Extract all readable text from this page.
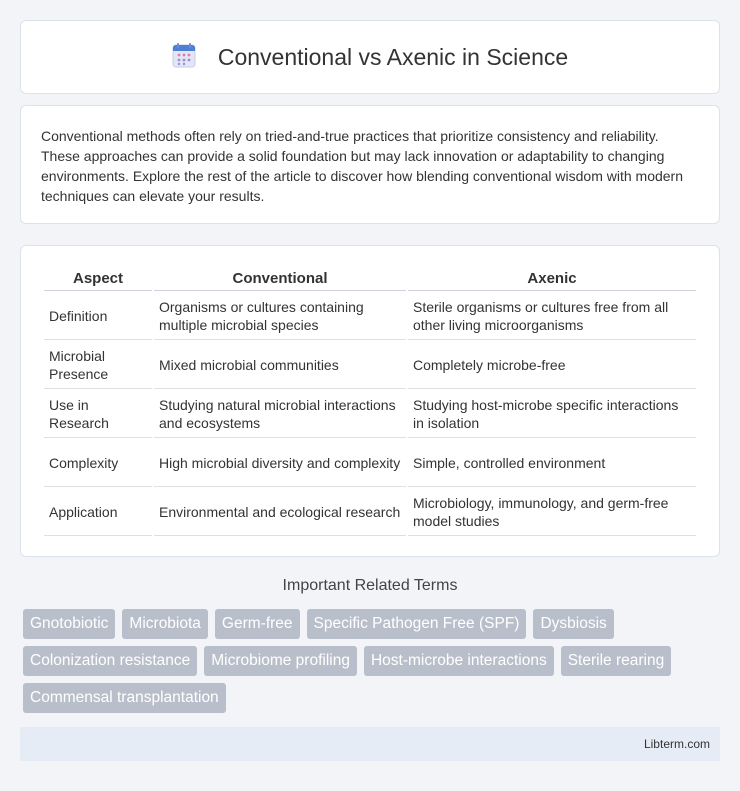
Conventional vs Axenic in Science

Conventional methods often rely on tried-and-true practices that prioritize consistency and reliability. These approaches can provide a solid foundation but may lack innovation or adaptability to changing environments. Explore the rest of the article to discover how blending conventional wisdom with modern techniques can elevate your results.

Aspect	Conventional	Axenic
Definition	Organisms or cultures containing multiple microbial species	Sterile organisms or cultures free from all other living microorganisms
Microbial Presence	Mixed microbial communities	Completely microbe-free
Use in Research	Studying natural microbial interactions and ecosystems	Studying host-microbe specific interactions in isolation
Complexity	High microbial diversity and complexity	Simple, controlled environment
Application	Environmental and ecological research	Microbiology, immunology, and germ-free model studies
Important Related Terms
Gnotobiotic	Microbiota	Germ-free	Specific Pathogen Free (SPF)	Dysbiosis
Colonization resistance	Microbiome profiling	Host-microbe interactions	Sterile rearing
Commensal transplantation
Libterm.com
